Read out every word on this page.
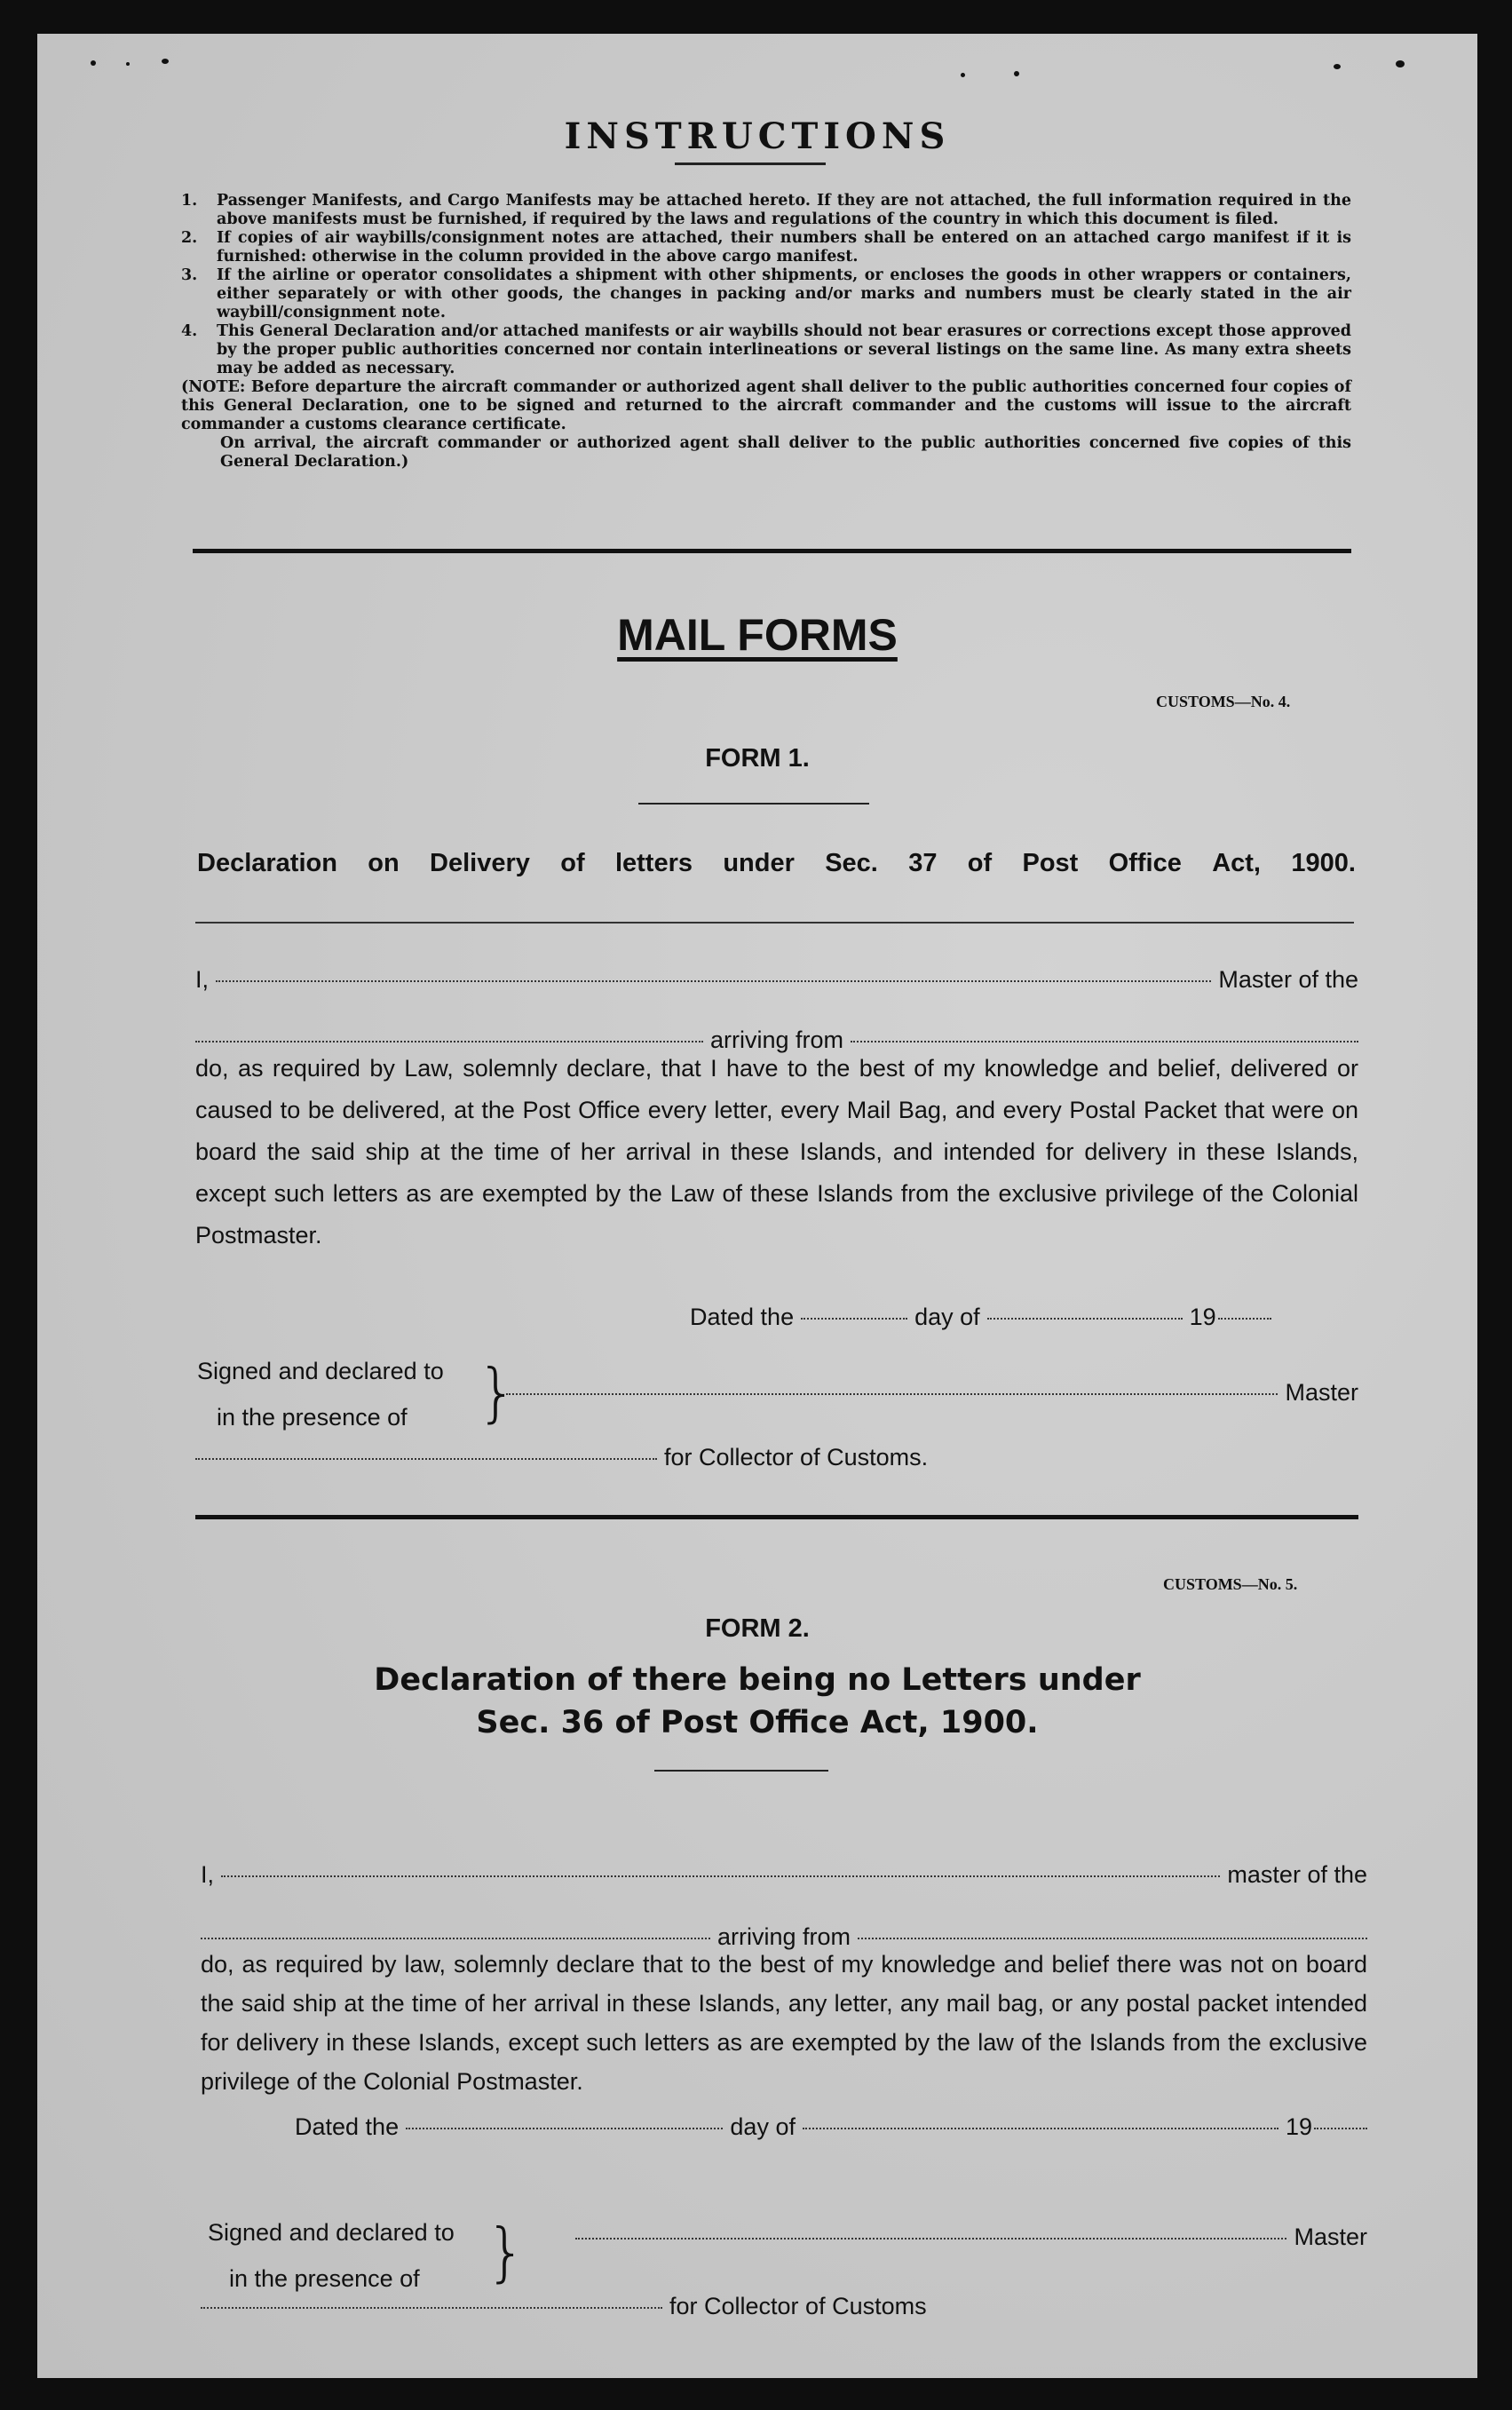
INSTRUCTIONS
1.	Passenger Manifests, and Cargo Manifests may be attached hereto. If they are not attached, the full information required in the above manifests must be furnished, if required by the laws and regulations of the country in which this document is filed.
2.	If copies of air waybills/consignment notes are attached, their numbers shall be entered on an attached cargo manifest if it is furnished: otherwise in the column provided in the above cargo manifest.
3.	If the airline or operator consolidates a shipment with other shipments, or encloses the goods in other wrappers or containers, either separately or with other goods, the changes in packing and/or marks and numbers must be clearly stated in the air waybill/consignment note.
4.	This General Declaration and/or attached manifests or air waybills should not bear erasures or corrections except those approved by the proper public authorities concerned nor contain interlineations or several listings on the same line. As many extra sheets may be added as necessary.
(NOTE: Before departure the aircraft commander or authorized agent shall deliver to the public authorities concerned four copies of this General Declaration, one to be signed and returned to the aircraft commander and the customs will issue to the aircraft commander a customs clearance certificate.
On arrival, the aircraft commander or authorized agent shall deliver to the public authorities concerned five copies of this General Declaration.)
MAIL FORMS
CUSTOMS—No. 4.
FORM 1.
Declaration on Delivery of letters under Sec. 37 of Post Office Act, 1900.
I,	Master of the
arriving from
do, as required by Law, solemnly declare, that I have to the best of my knowledge and belief, delivered or caused to be delivered, at the Post Office every letter, every Mail Bag, and every Postal Packet that were on board the said ship at the time of her arrival in these Islands, and intended for delivery in these Islands, except such letters as are exempted by the Law of these Islands from the exclusive privilege of the Colonial Postmaster.
Dated the	day of	19
Signed and declared to
in the presence of	}	Master
for Collector of Customs.
CUSTOMS—No. 5.
FORM 2.
Declaration of there being no Letters under
Sec. 36 of Post Office Act, 1900.
I,	master of the
arriving from
do, as required by law, solemnly declare that to the best of my knowledge and belief there was not on board the said ship at the time of her arrival in these Islands, any letter, any mail bag, or any postal packet intended for delivery in these Islands, except such letters as are exempted by the law of the Islands from the exclusive privilege of the Colonial Postmaster.
Dated the	day of	19
Signed and declared to
in the presence of	}	Master
for Collector of Customs
